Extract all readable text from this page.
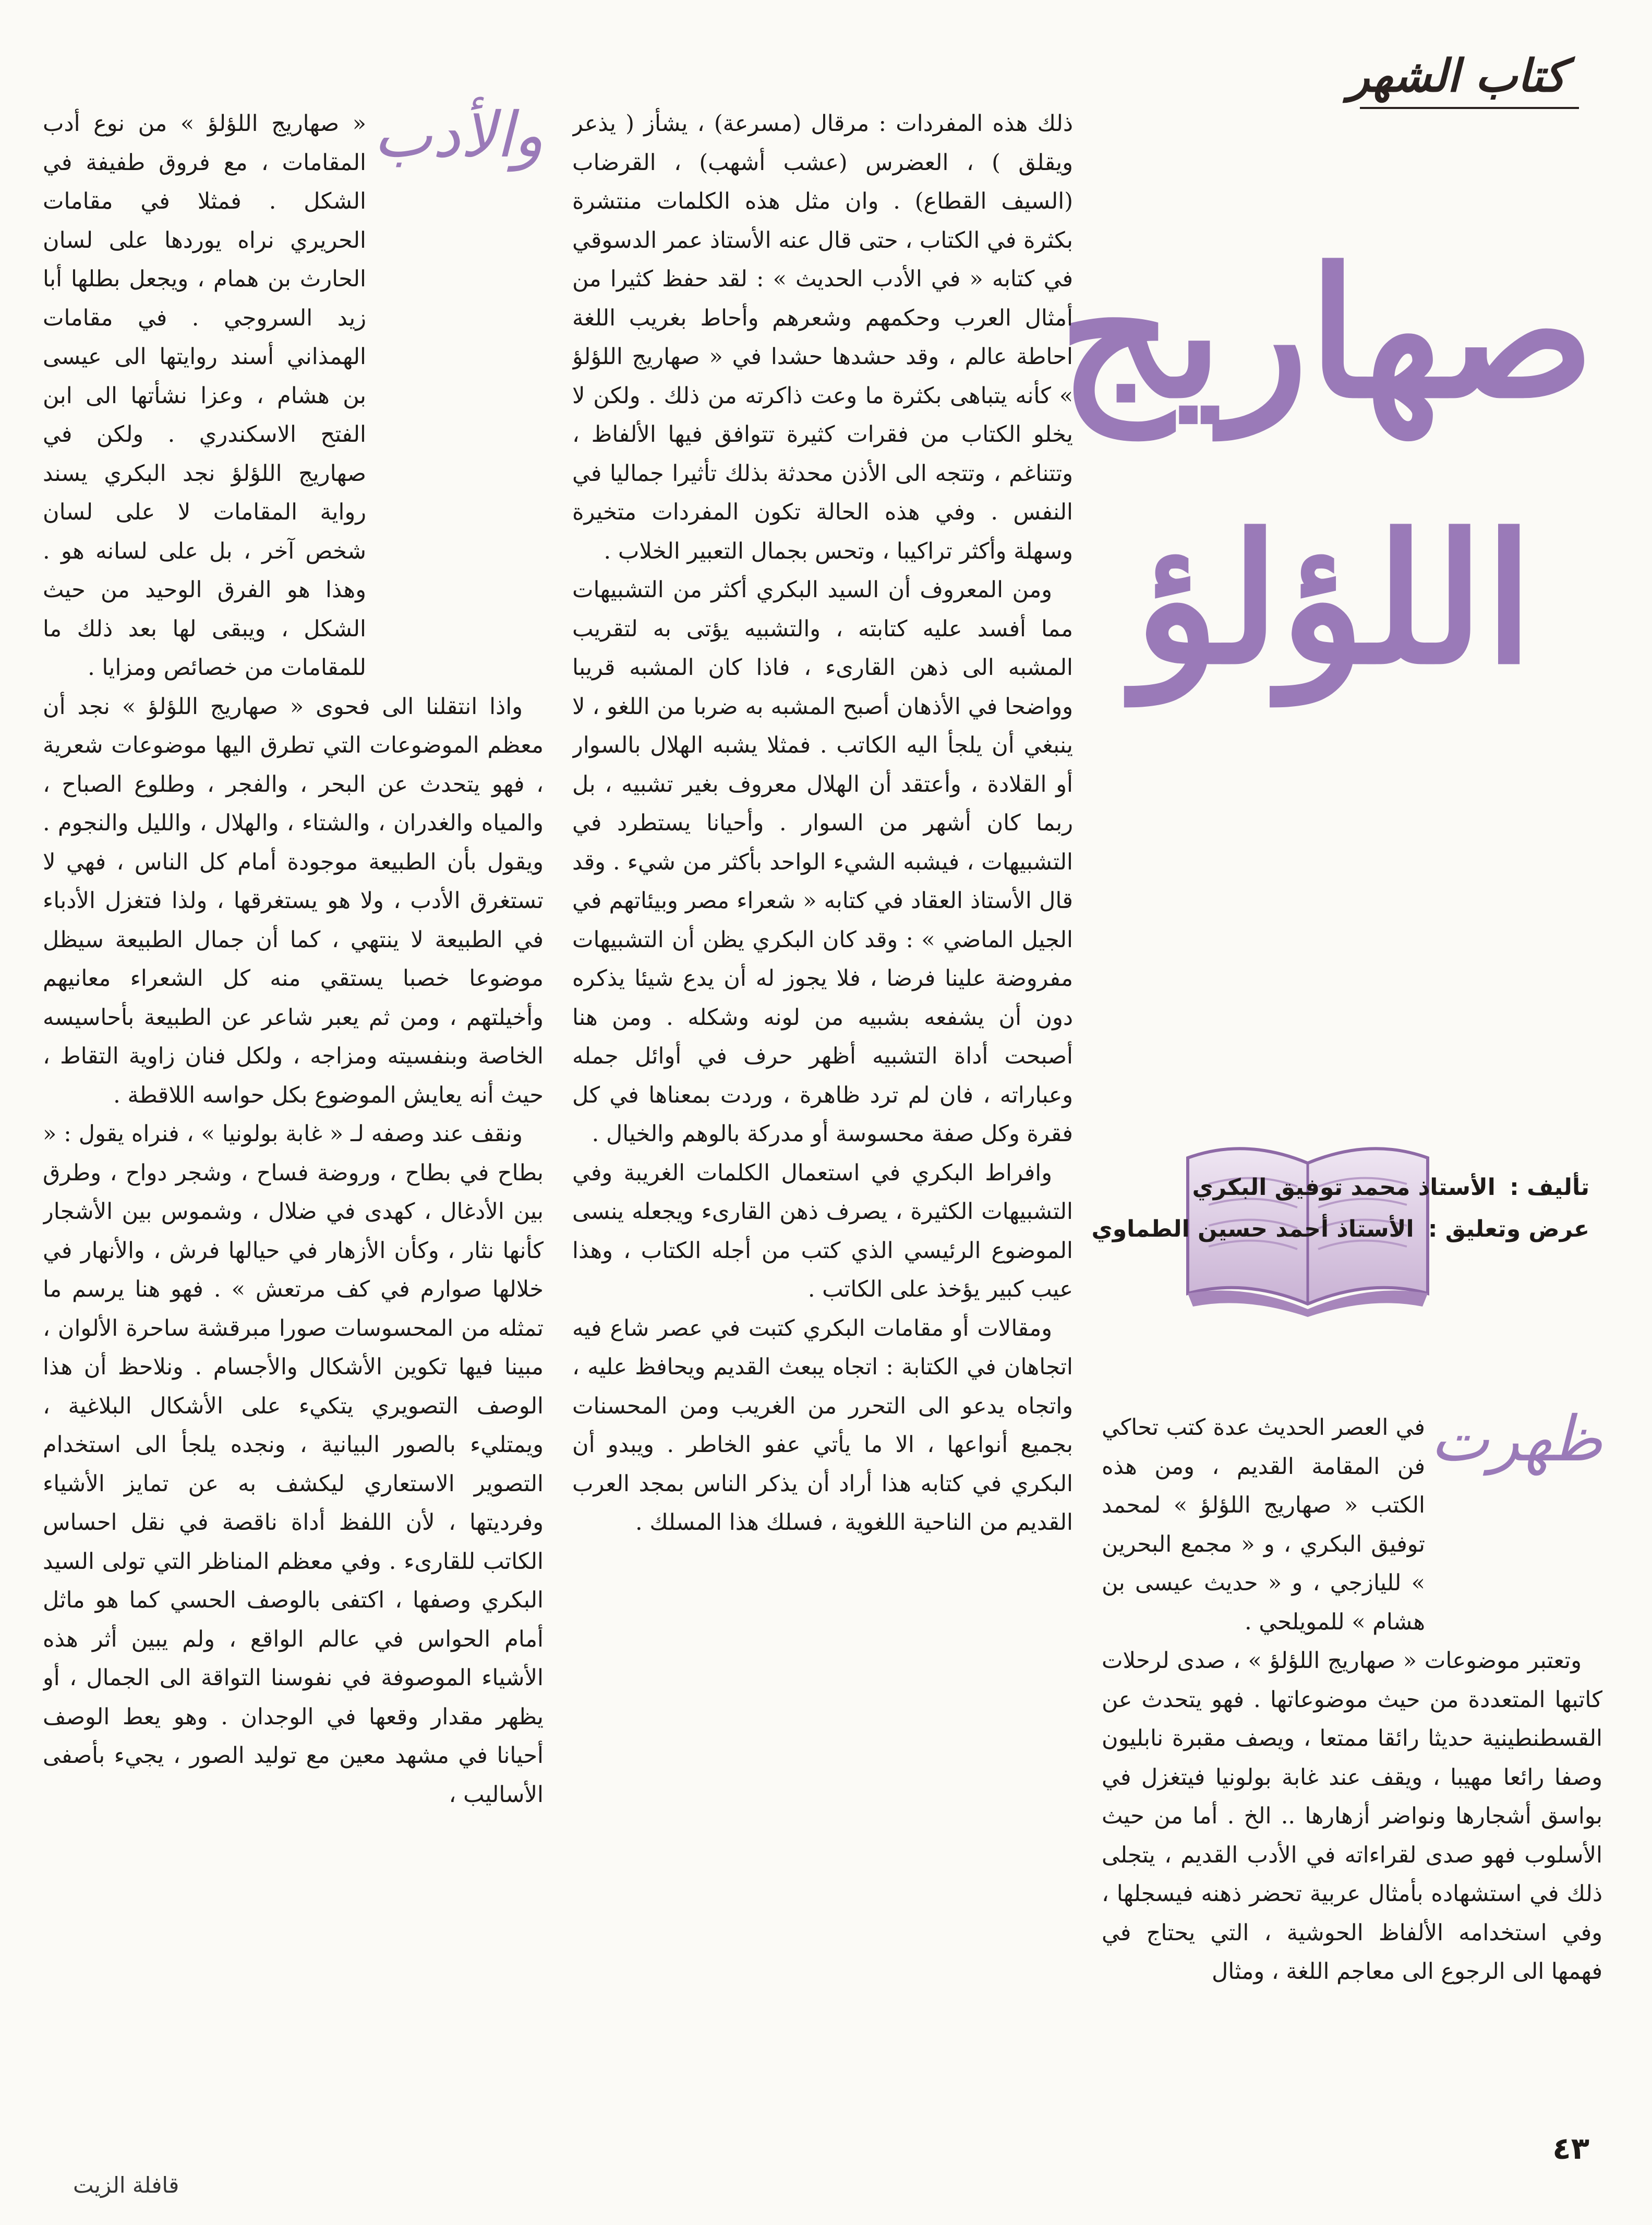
كتاب الشهر
صهاريج
اللؤلؤ
تأليف : الأستاذ محمد توفيق البكري
عرض وتعليق : الأستاذ أحمد حسين الطماوي
ظهرت

في العصر الحديث عدة كتب تحاكي فن المقامة القديم ، ومن هذه الكتب « صهاريج اللؤلؤ » لمحمد توفيق البكري ، و « مجمع البحرين » لليازجي ، و « حديث عيسى بن هشام » للمويلحي .

وتعتبر موضوعات « صهاريج اللؤلؤ » ، صدى لرحلات كاتبها المتعددة من حيث موضوعاتها . فهو يتحدث عن القسطنطينية حديثا رائقا ممتعا ، ويصف مقبرة نابليون وصفا رائعا مهيبا ، ويقف عند غابة بولونيا فيتغزل في بواسق أشجارها ونواضر أزهارها .. الخ . أما من حيث الأسلوب فهو صدى لقراءاته في الأدب القديم ، يتجلى ذلك في استشهاده بأمثال عربية تحضر ذهنه فيسجلها ، وفي استخدامه الألفاظ الحوشية ، التي يحتاج في فهمها الى الرجوع الى معاجم اللغة ، ومثال

ذلك هذه المفردات : مرقال (مسرعة) ، يشأز ( يذعر ويقلق ) ، العضرس (عشب أشهب) ، القرضاب (السيف القطاع) . وان مثل هذه الكلمات منتشرة بكثرة في الكتاب ، حتى قال عنه الأستاذ عمر الدسوقي في كتابه « في الأدب الحديث » : لقد حفظ كثيرا من أمثال العرب وحكمهم وشعرهم وأحاط بغريب اللغة احاطة عالم ، وقد حشدها حشدا في « صهاريج اللؤلؤ » كأنه يتباهى بكثرة ما وعت ذاكرته من ذلك . ولكن لا يخلو الكتاب من فقرات كثيرة تتوافق فيها الألفاظ ، وتتناغم ، وتتجه الى الأذن محدثة بذلك تأثيرا جماليا في النفس . وفي هذه الحالة تكون المفردات متخيرة وسهلة وأكثر تراكيبا ، وتحس بجمال التعبير الخلاب .

ومن المعروف أن السيد البكري أكثر من التشبيهات مما أفسد عليه كتابته ، والتشبيه يؤتى به لتقريب المشبه الى ذهن القارىء ، فاذا كان المشبه قريبا وواضحا في الأذهان أصبح المشبه به ضربا من اللغو ، لا ينبغي أن يلجأ اليه الكاتب . فمثلا يشبه الهلال بالسوار أو القلادة ، وأعتقد أن الهلال معروف بغير تشبيه ، بل ربما كان أشهر من السوار . وأحيانا يستطرد في التشبيهات ، فيشبه الشيء الواحد بأكثر من شيء . وقد قال الأستاذ العقاد في كتابه « شعراء مصر وبيئاتهم في الجيل الماضي » : وقد كان البكري يظن أن التشبيهات مفروضة علينا فرضا ، فلا يجوز له أن يدع شيئا يذكره دون أن يشفعه بشبيه من لونه وشكله . ومن هنا أصبحت أداة التشبيه أظهر حرف في أوائل جمله وعباراته ، فان لم ترد ظاهرة ، وردت بمعناها في كل فقرة وكل صفة محسوسة أو مدركة بالوهم والخيال .

وافراط البكري في استعمال الكلمات الغريبة وفي التشبيهات الكثيرة ، يصرف ذهن القارىء ويجعله ينسى الموضوع الرئيسي الذي كتب من أجله الكتاب ، وهذا عيب كبير يؤخذ على الكاتب .

ومقالات أو مقامات البكري كتبت في عصر شاع فيه اتجاهان في الكتابة : اتجاه يبعث القديم ويحافظ عليه ، واتجاه يدعو الى التحرر من الغريب ومن المحسنات بجميع أنواعها ، الا ما يأتي عفو الخاطر . ويبدو أن البكري في كتابه هذا أراد أن يذكر الناس بمجد العرب القديم من الناحية اللغوية ، فسلك هذا المسلك .

والأدب

« صهاريج اللؤلؤ » من نوع أدب المقامات ، مع فروق طفيفة في الشكل . فمثلا في مقامات الحريري نراه يوردها على لسان الحارث بن همام ، ويجعل بطلها أبا زيد السروجي . في مقامات الهمذاني أسند روايتها الى عيسى بن هشام ، وعزا نشأتها الى ابن الفتح الاسكندري . ولكن في صهاريج اللؤلؤ نجد البكري يسند رواية المقامات لا على لسان شخص آخر ، بل على لسانه هو . وهذا هو الفرق الوحيد من حيث الشكل ، ويبقى لها بعد ذلك ما للمقامات من خصائص ومزايا .

واذا انتقلنا الى فحوى « صهاريج اللؤلؤ » نجد أن معظم الموضوعات التي تطرق اليها موضوعات شعرية ، فهو يتحدث عن البحر ، والفجر ، وطلوع الصباح ، والمياه والغدران ، والشتاء ، والهلال ، والليل والنجوم . ويقول بأن الطبيعة موجودة أمام كل الناس ، فهي لا تستغرق الأدب ، ولا هو يستغرقها ، ولذا فتغزل الأدباء في الطبيعة لا ينتهي ، كما أن جمال الطبيعة سيظل موضوعا خصبا يستقي منه كل الشعراء معانيهم وأخيلتهم ، ومن ثم يعبر شاعر عن الطبيعة بأحاسيسه الخاصة وبنفسيته ومزاجه ، ولكل فنان زاوية التقاط ، حيث أنه يعايش الموضوع بكل حواسه اللاقطة .

ونقف عند وصفه لـ « غابة بولونيا » ، فنراه يقول : « بطاح في بطاح ، وروضة فساح ، وشجر دواح ، وطرق بين الأدغال ، كهدى في ضلال ، وشموس بين الأشجار كأنها نثار ، وكأن الأزهار في حيالها فرش ، والأنهار في خلالها صوارم في كف مرتعش » . فهو هنا يرسم ما تمثله من المحسوسات صورا مبرقشة ساحرة الألوان ، مبينا فيها تكوين الأشكال والأجسام . ونلاحظ أن هذا الوصف التصويري يتكيء على الأشكال البلاغية ، ويمتليء بالصور البيانية ، ونجده يلجأ الى استخدام التصوير الاستعاري ليكشف به عن تمايز الأشياء وفرديتها ، لأن اللفظ أداة ناقصة في نقل احساس الكاتب للقارىء . وفي معظم المناظر التي تولى السيد البكري وصفها ، اكتفى بالوصف الحسي كما هو ماثل أمام الحواس في عالم الواقع ، ولم يبين أثر هذه الأشياء الموصوفة في نفوسنا التواقة الى الجمال ، أو يظهر مقدار وقعها في الوجدان . وهو يعط الوصف أحيانا في مشهد معين مع توليد الصور ، يجيء بأصفى الأساليب ،

٤٣
قافلة الزيت
